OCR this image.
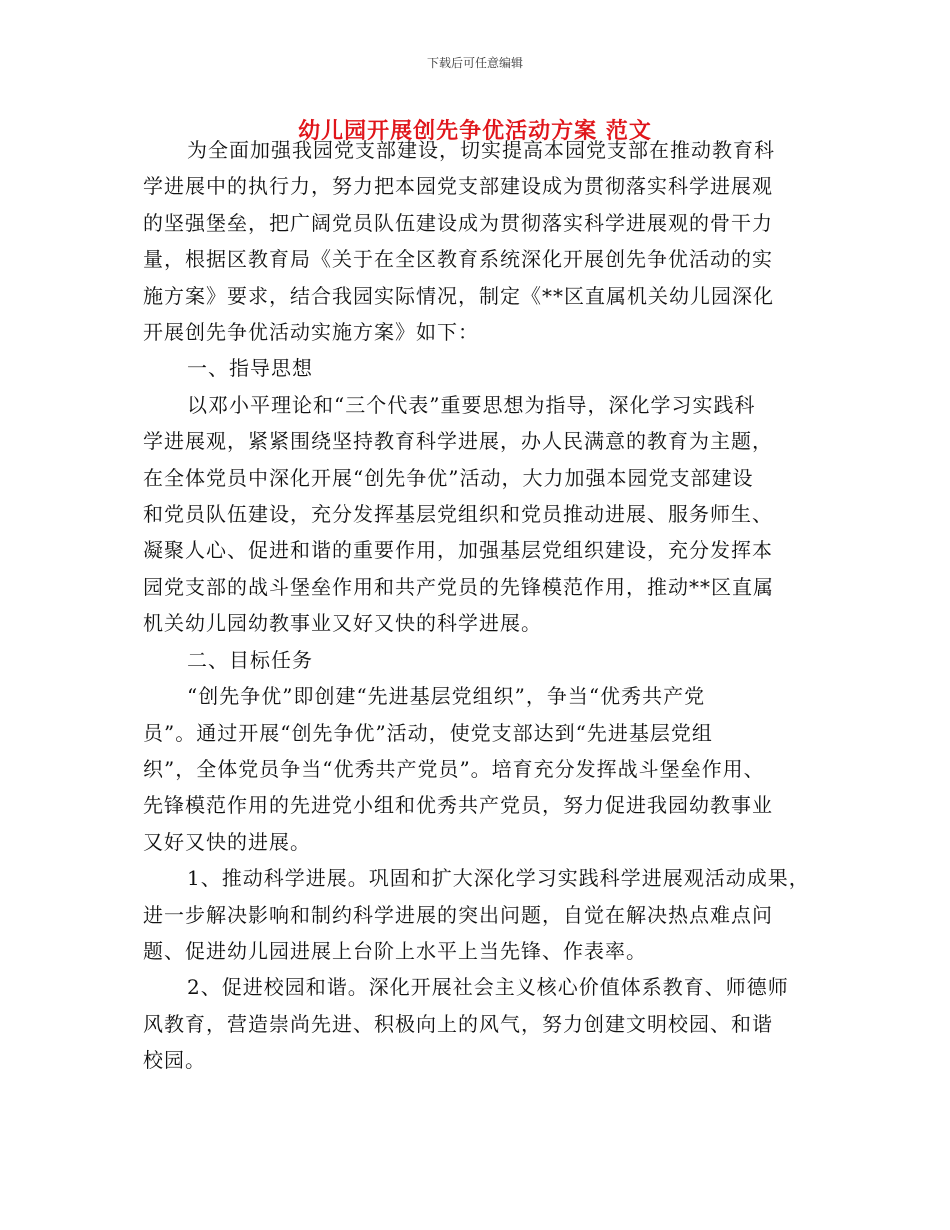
下载后可任意编辑
幼儿园开展创先争优活动方案 范文
为全面加强我园党支部建设，切实提高本园党支部在推动教育科
学进展中的执行力，努力把本园党支部建设成为贯彻落实科学进展观
的坚强堡垒，把广阔党员队伍建设成为贯彻落实科学进展观的骨干力
量，根据区教育局《关于在全区教育系统深化开展创先争优活动的实
施方案》要求，结合我园实际情况，制定《**区直属机关幼儿园深化
开展创先争优活动实施方案》如下：
一、指导思想
以邓小平理论和“三个代表”重要思想为指导，深化学习实践科
学进展观，紧紧围绕坚持教育科学进展，办人民满意的教育为主题，
在全体党员中深化开展“创先争优”活动，大力加强本园党支部建设
和党员队伍建设，充分发挥基层党组织和党员推动进展、服务师生、
凝聚人心、促进和谐的重要作用，加强基层党组织建设，充分发挥本
园党支部的战斗堡垒作用和共产党员的先锋模范作用，推动**区直属
机关幼儿园幼教事业又好又快的科学进展。
二、目标任务
“创先争优”即创建“先进基层党组织”，争当“优秀共产党
员”。通过开展“创先争优”活动，使党支部达到“先进基层党组
织”，全体党员争当“优秀共产党员”。培育充分发挥战斗堡垒作用、
先锋模范作用的先进党小组和优秀共产党员，努力促进我园幼教事业
又好又快的进展。
1、推动科学进展。巩固和扩大深化学习实践科学进展观活动成果，
进一步解决影响和制约科学进展的突出问题，自觉在解决热点难点问
题、促进幼儿园进展上台阶上水平上当先锋、作表率。
2、促进校园和谐。深化开展社会主义核心价值体系教育、师德师
风教育，营造崇尚先进、积极向上的风气，努力创建文明校园、和谐
校园。
